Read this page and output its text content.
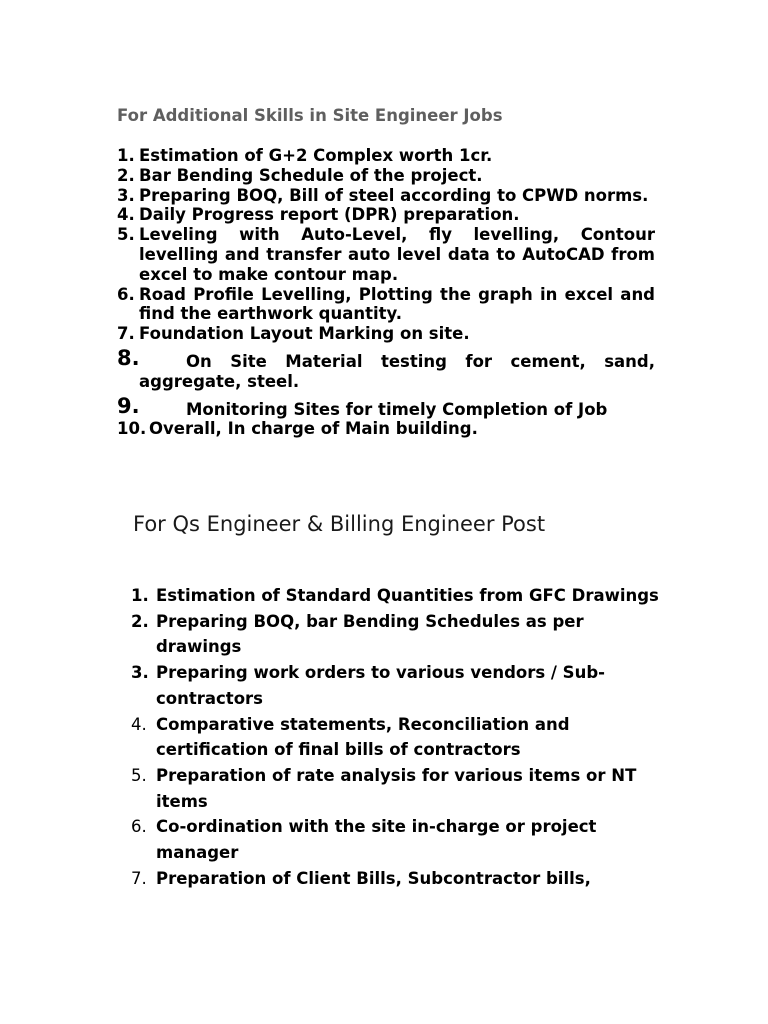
For Additional Skills in Site Engineer Jobs
1. Estimation of G+2 Complex worth 1cr.
2. Bar Bending Schedule of the project.
3. Preparing BOQ, Bill of steel according to CPWD norms.
4. Daily Progress report (DPR) preparation.
5. Leveling with Auto-Level, fly levelling, Contour levelling and transfer auto level data to AutoCAD from excel to make contour map.
6. Road Profile Levelling, Plotting the graph in excel and find the earthwork quantity.
7. Foundation Layout Marking on site.
8.	On Site Material testing for cement, sand, aggregate, steel.
9.	Monitoring Sites for timely Completion of Job
10. Overall, In charge of Main building.
For Qs Engineer & Billing Engineer Post
1. Estimation of Standard Quantities from GFC Drawings
2. Preparing BOQ, bar Bending Schedules as per drawings
3. Preparing work orders to various vendors / Sub-contractors
4. Comparative statements, Reconciliation and certification of final bills of contractors
5. Preparation of rate analysis for various items or NT items
6. Co-ordination with the site in-charge or project manager
7. Preparation of Client Bills, Subcontractor bills,
